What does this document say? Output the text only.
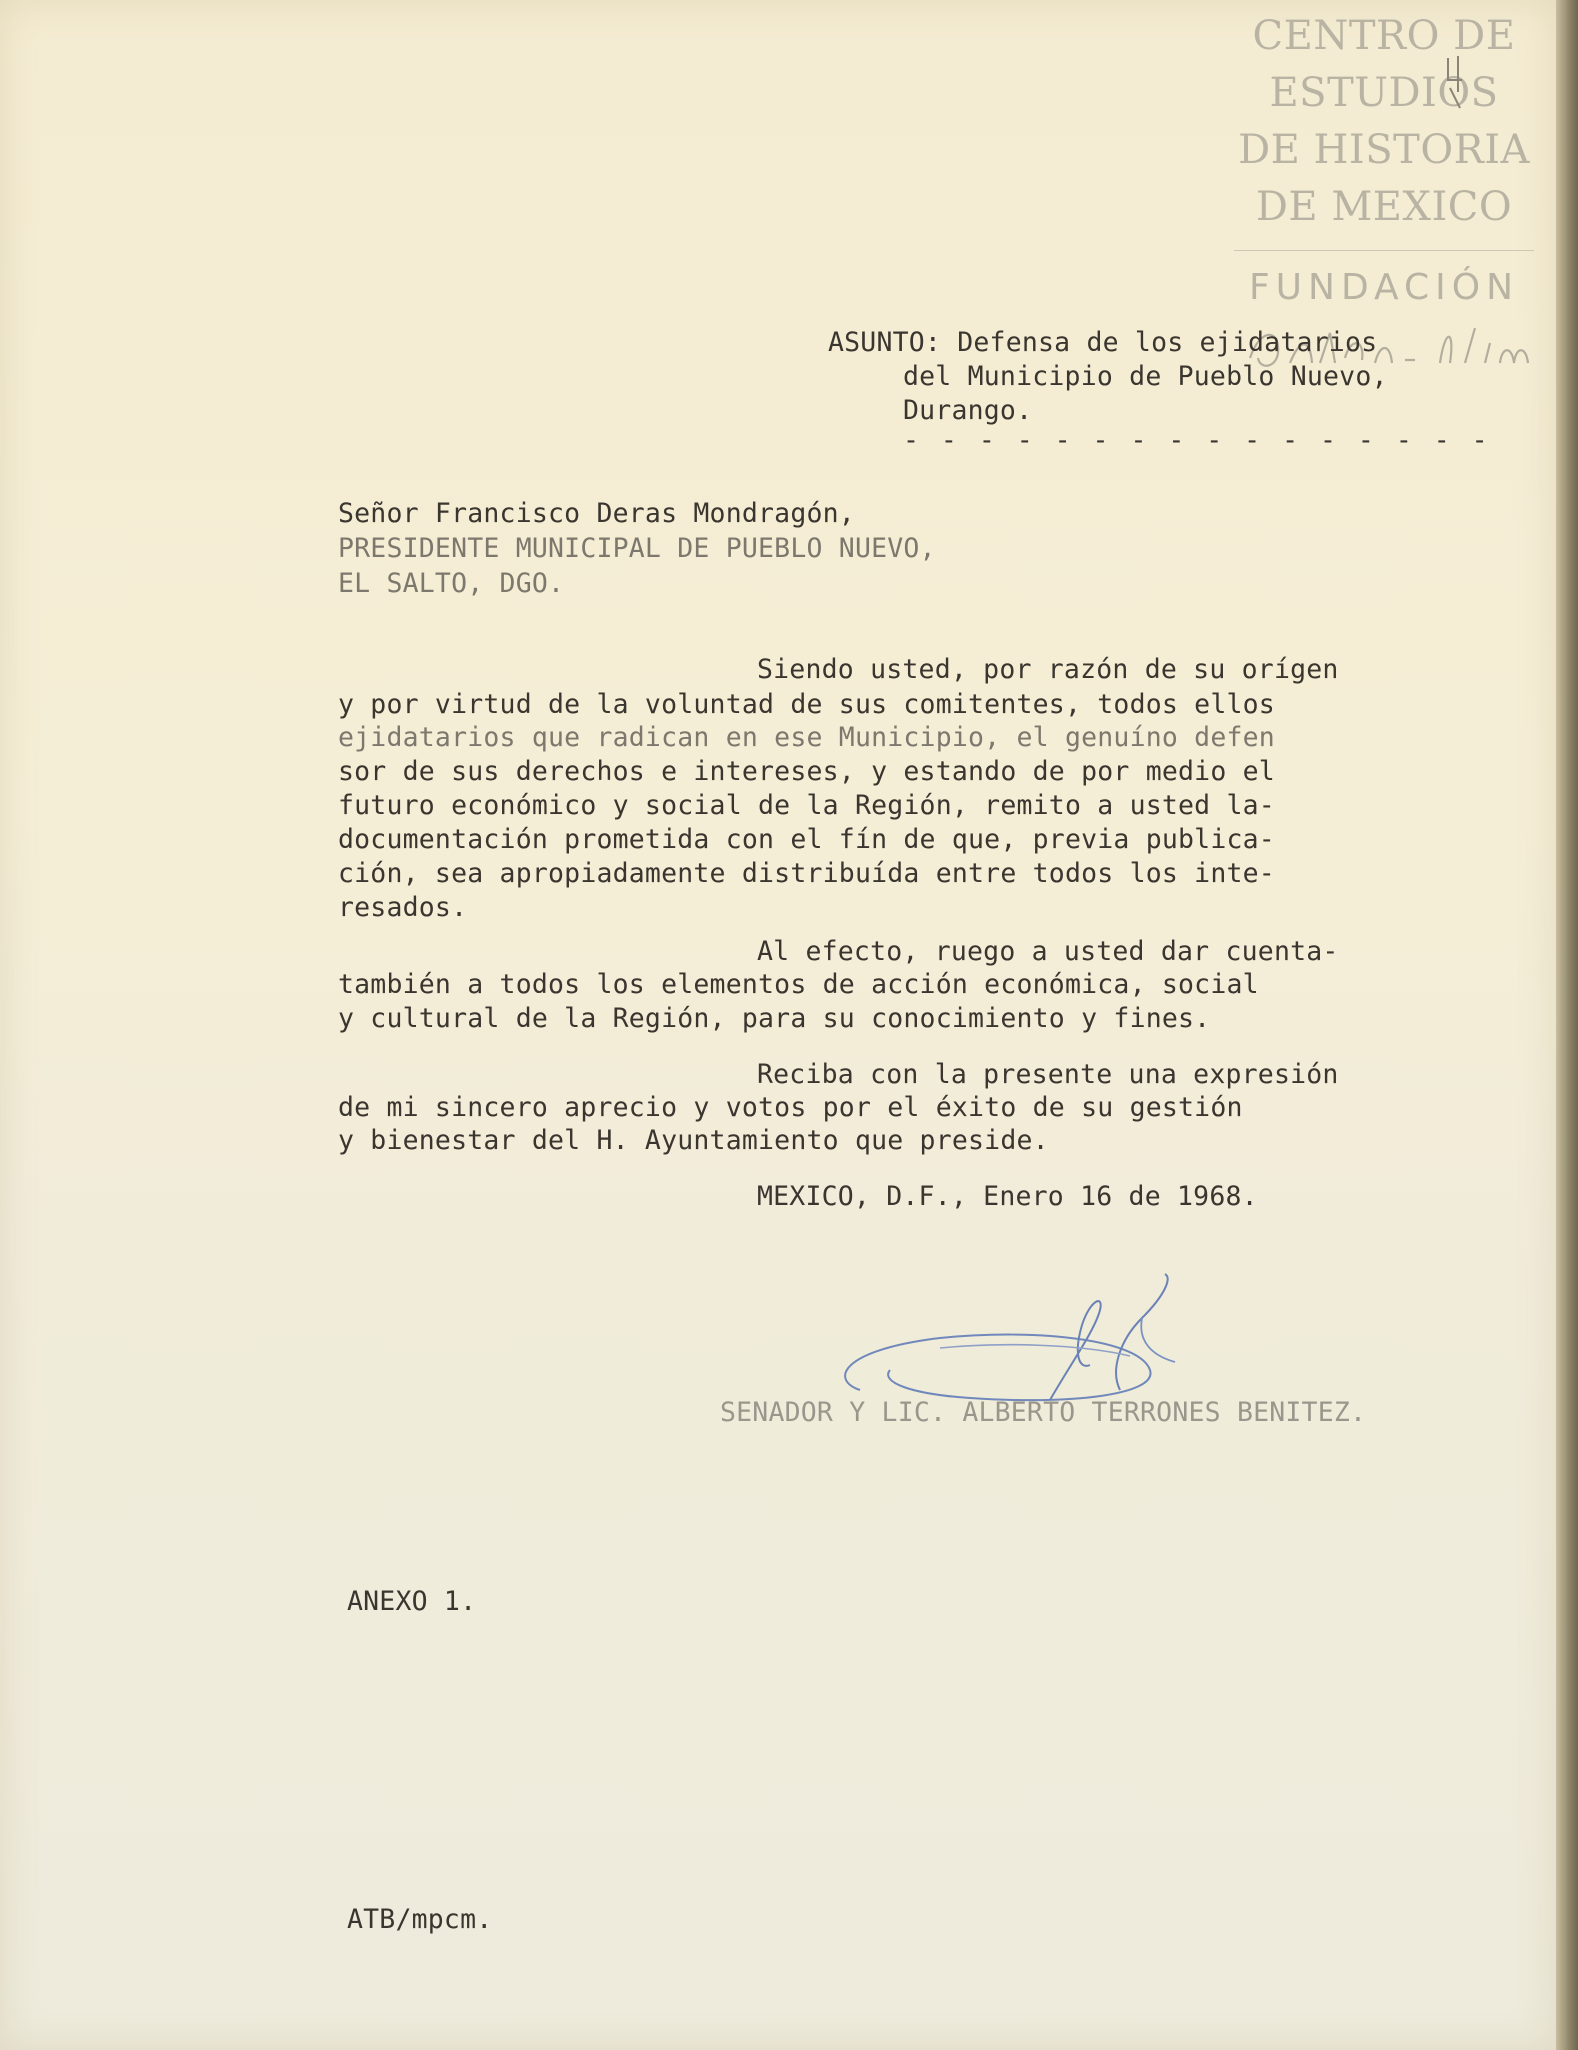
CENTRO DE
ESTUDIOS
DE HISTORIA
DE MEXICO
FUNDACIÓN
ASUNTO: Defensa de los ejidatarios
del Municipio de Pueblo Nuevo,
Durango.
- - - - - - - - - - - - - - - -
Señor Francisco Deras Mondragón,
PRESIDENTE MUNICIPAL DE PUEBLO NUEVO,
EL SALTO, DGO.
Siendo usted, por razón de su orígen
y por virtud de la voluntad de sus comitentes, todos ellos
ejidatarios que radican en ese Municipio, el genuíno defen
sor de sus derechos e intereses, y estando de por medio el
futuro económico y social de la Región, remito a usted la-
documentación prometida con el fín de que, previa publica-
ción, sea apropiadamente distribuída entre todos los inte-
resados.
Al efecto, ruego a usted dar cuenta-
también a todos los elementos de acción económica, social
y cultural de la Región, para su conocimiento y fines.
Reciba con la presente una expresión
de mi sincero aprecio y votos por el éxito de su gestión
y bienestar del H. Ayuntamiento que preside.
MEXICO, D.F., Enero 16 de 1968.
SENADOR Y LIC. ALBERTO TERRONES BENITEZ.
ANEXO 1.
ATB/mpcm.
